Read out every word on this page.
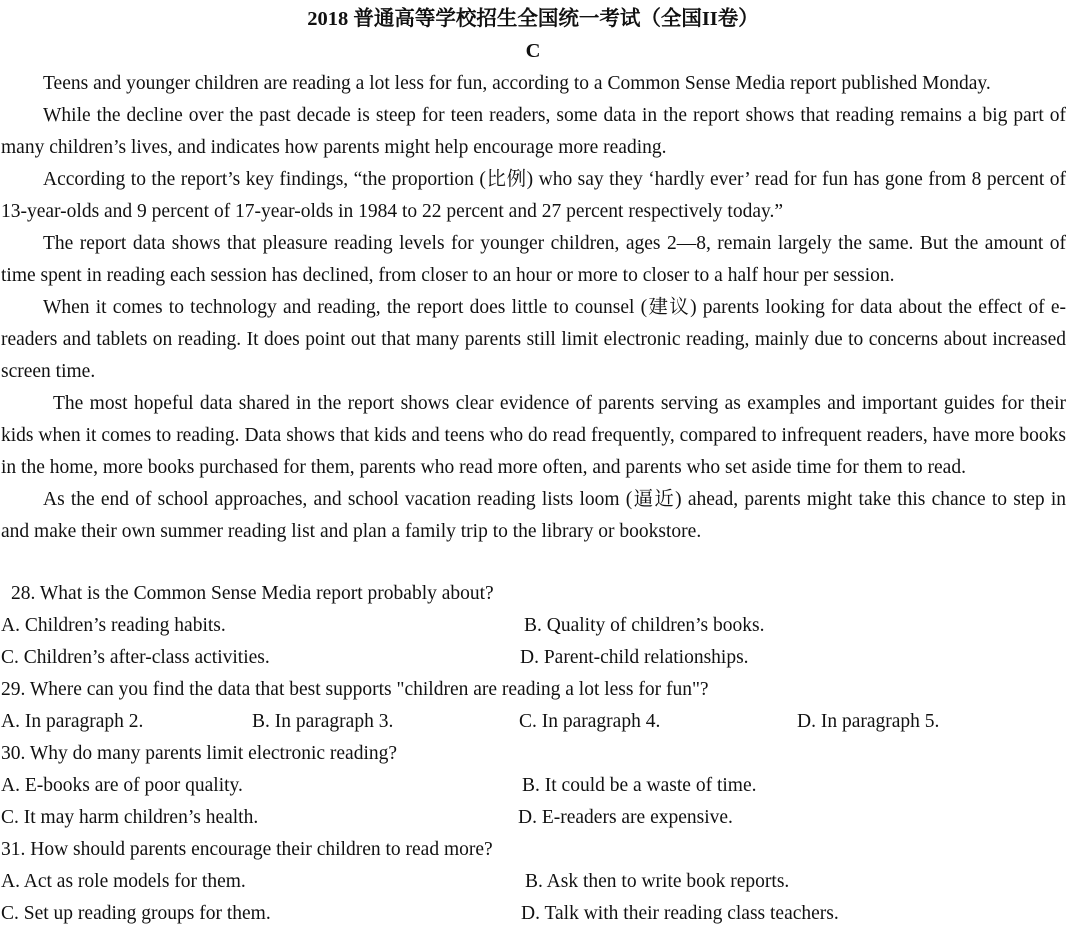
2018 普通高等学校招生全国统一考试（全国II卷）
C

Teens and younger children are reading a lot less for fun, according to a Common Sense Media report published Monday.

While the decline over the past decade is steep for teen readers, some data in the report shows that reading remains a big part of many children’s lives, and indicates how parents might help encourage more reading.

According to the report’s key findings, “the proportion (比例) who say they ‘hardly ever’ read for fun has gone from 8 percent of 13-year-olds and 9 percent of 17-year-olds in 1984 to 22 percent and 27 percent respectively today.”

The report data shows that pleasure reading levels for younger children, ages 2—8, remain largely the same. But the amount of time spent in reading each session has declined, from closer to an hour or more to closer to a half hour per session.

When it comes to technology and reading, the report does little to counsel (建议) parents looking for data about the effect of e-readers and tablets on reading. It does point out that many parents still limit electronic reading, mainly due to concerns about increased screen time.

The most hopeful data shared in the report shows clear evidence of parents serving as examples and important guides for their kids when it comes to reading. Data shows that kids and teens who do read frequently, compared to infrequent readers, have more books in the home, more books purchased for them, parents who read more often, and parents who set aside time for them to read.

As the end of school approaches, and school vacation reading lists loom (逼近) ahead, parents might take this chance to step in and make their own summer reading list and plan a family trip to the library or bookstore.

28. What is the Common Sense Media report probably about?
A. Children’s reading habits.	B. Quality of children’s books.
C. Children’s after-class activities.	D. Parent-child relationships.
29. Where can you find the data that best supports "children are reading a lot less for fun"?
A. In paragraph 2.	B. In paragraph 3.	C. In paragraph 4.	D. In paragraph 5.
30. Why do many parents limit electronic reading?
A. E-books are of poor quality.	B. It could be a waste of time.
C. It may harm children’s health.	D. E-readers are expensive.
31. How should parents encourage their children to read more?
A. Act as role models for them.	B. Ask then to write book reports.
C. Set up reading groups for them.	D. Talk with their reading class teachers.
